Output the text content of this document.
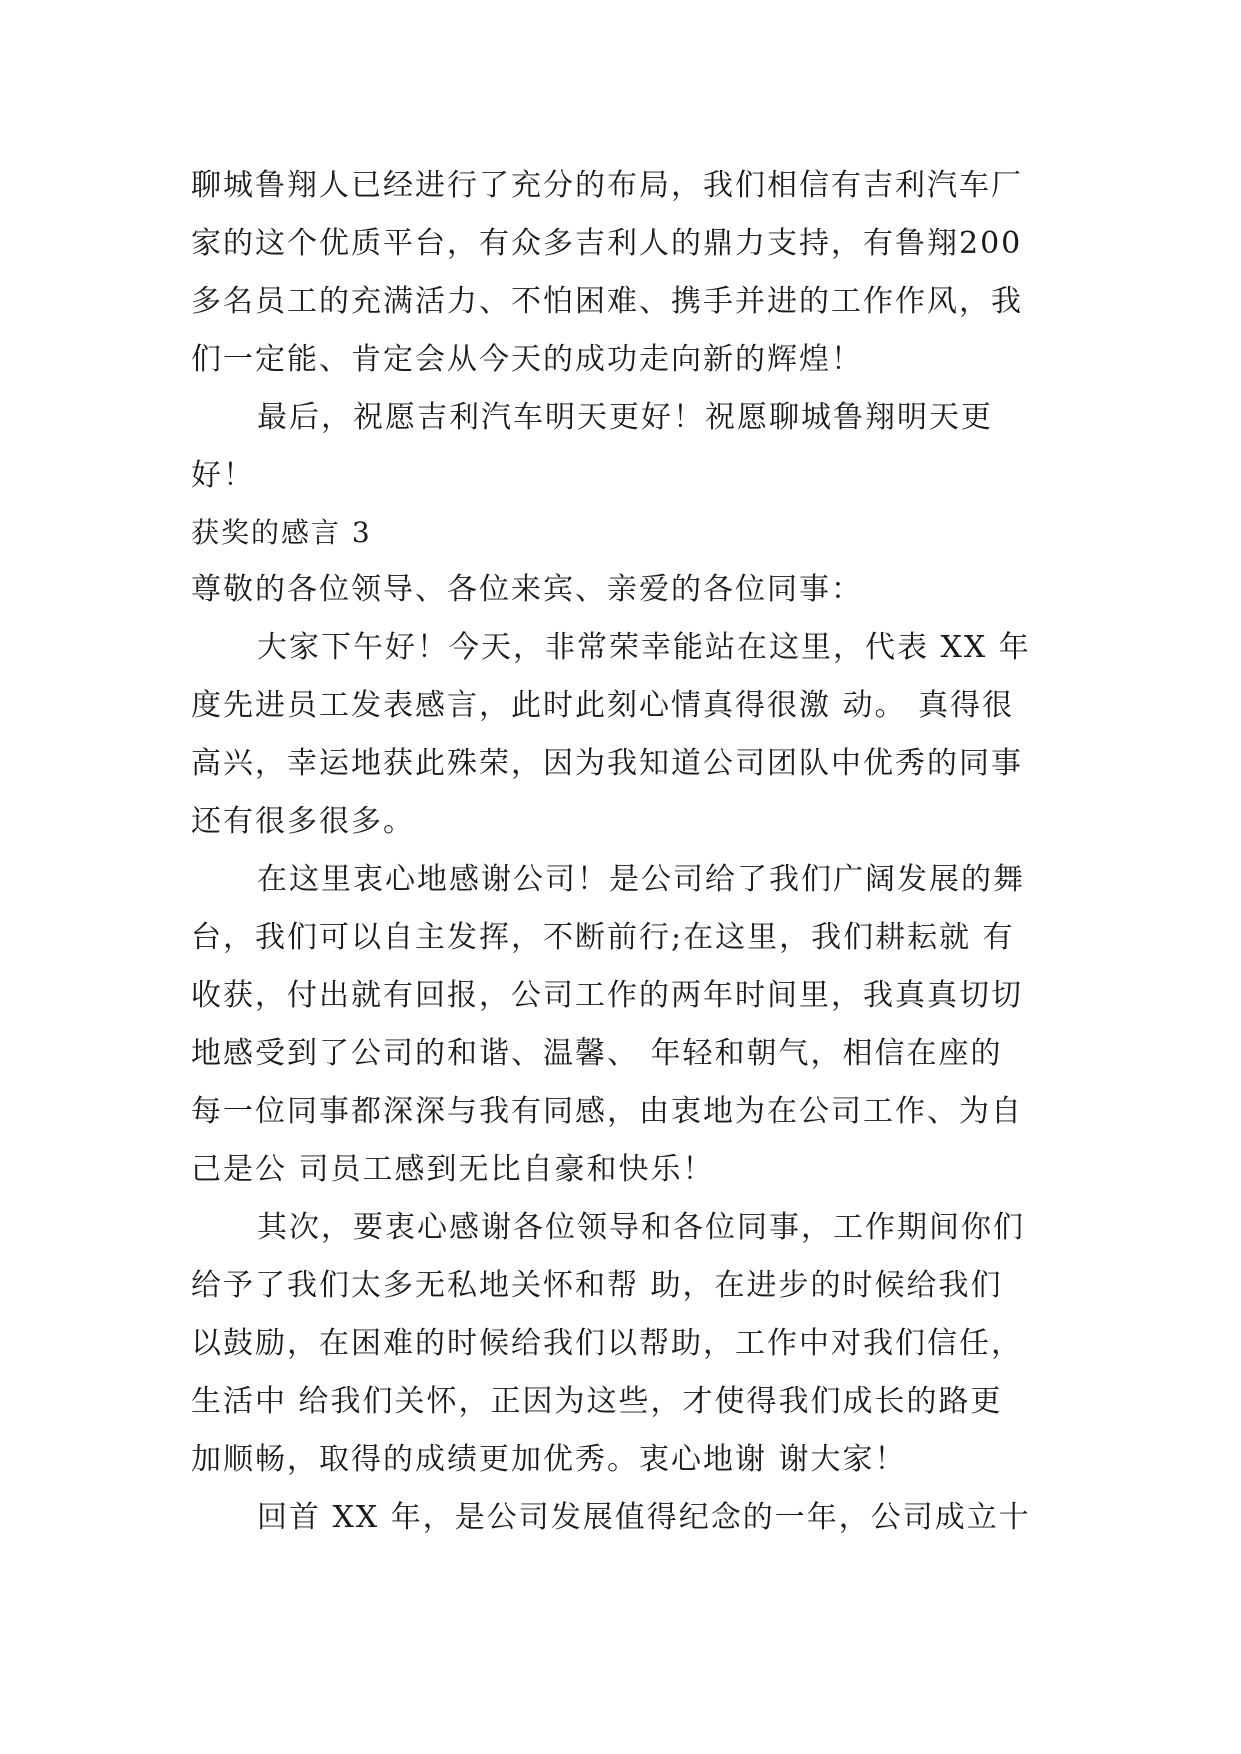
聊城鲁翔人已经进行了充分的布局，我们相信有吉利汽车厂
家的这个优质平台，有众多吉利人的鼎力支持，有鲁翔200
多名员工的充满活力、不怕困难、携手并进的工作作风，我
们一定能、肯定会从今天的成功走向新的辉煌！
最后，祝愿吉利汽车明天更好！祝愿聊城鲁翔明天更
好！
获奖的感言 3
尊敬的各位领导、各位来宾、亲爱的各位同事：
大家下午好！今天，非常荣幸能站在这里，代表 XX 年
度先进员工发表感言，此时此刻心情真得很激 动。 真得很
高兴，幸运地获此殊荣，因为我知道公司团队中优秀的同事
还有很多很多。
在这里衷心地感谢公司！是公司给了我们广阔发展的舞
台，我们可以自主发挥，不断前行;在这里，我们耕耘就 有
收获，付出就有回报，公司工作的两年时间里，我真真切切
地感受到了公司的和谐、温馨、 年轻和朝气，相信在座的
每一位同事都深深与我有同感，由衷地为在公司工作、为自
己是公 司员工感到无比自豪和快乐！
其次，要衷心感谢各位领导和各位同事，工作期间你们
给予了我们太多无私地关怀和帮 助，在进步的时候给我们
以鼓励，在困难的时候给我们以帮助，工作中对我们信任，
生活中 给我们关怀，正因为这些，才使得我们成长的路更
加顺畅，取得的成绩更加优秀。衷心地谢 谢大家！
回首 XX 年，是公司发展值得纪念的一年，公司成立十
